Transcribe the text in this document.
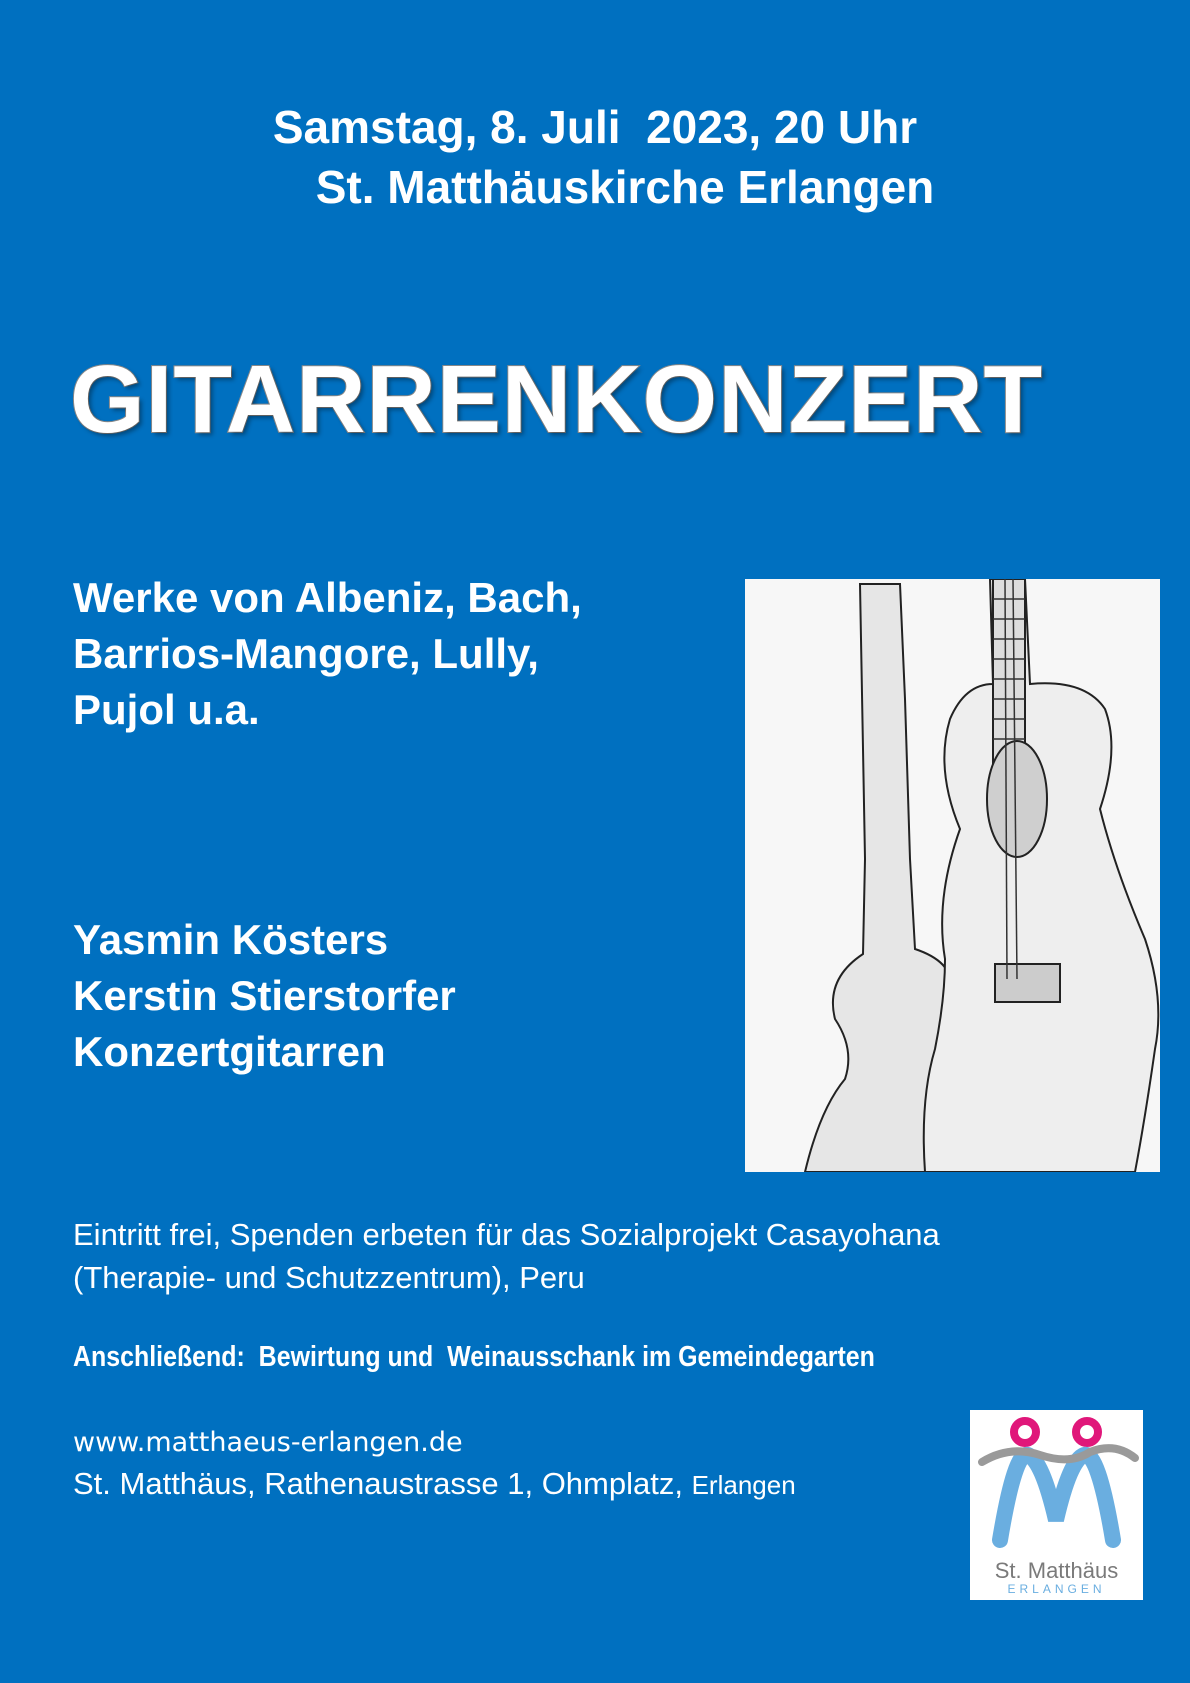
Samstag, 8. Juli  2023, 20 Uhr
St. Matthäuskirche Erlangen
GITARRENKONZERT
Werke von Albeniz, Bach,
Barrios-Mangore, Lully,
Pujol u.a.
Yasmin Kösters
Kerstin Stierstorfer
Konzertgitarren
Eintritt frei, Spenden erbeten für das Sozialprojekt Casayohana
(Therapie- und Schutzzentrum), Peru
Anschließend:  Bewirtung und  Weinausschank im Gemeindegarten
www.matthaeus-erlangen.de
St. Matthäus, Rathenaustrasse 1, Ohmplatz, Erlangen
St. Matthäus
ERLANGEN
